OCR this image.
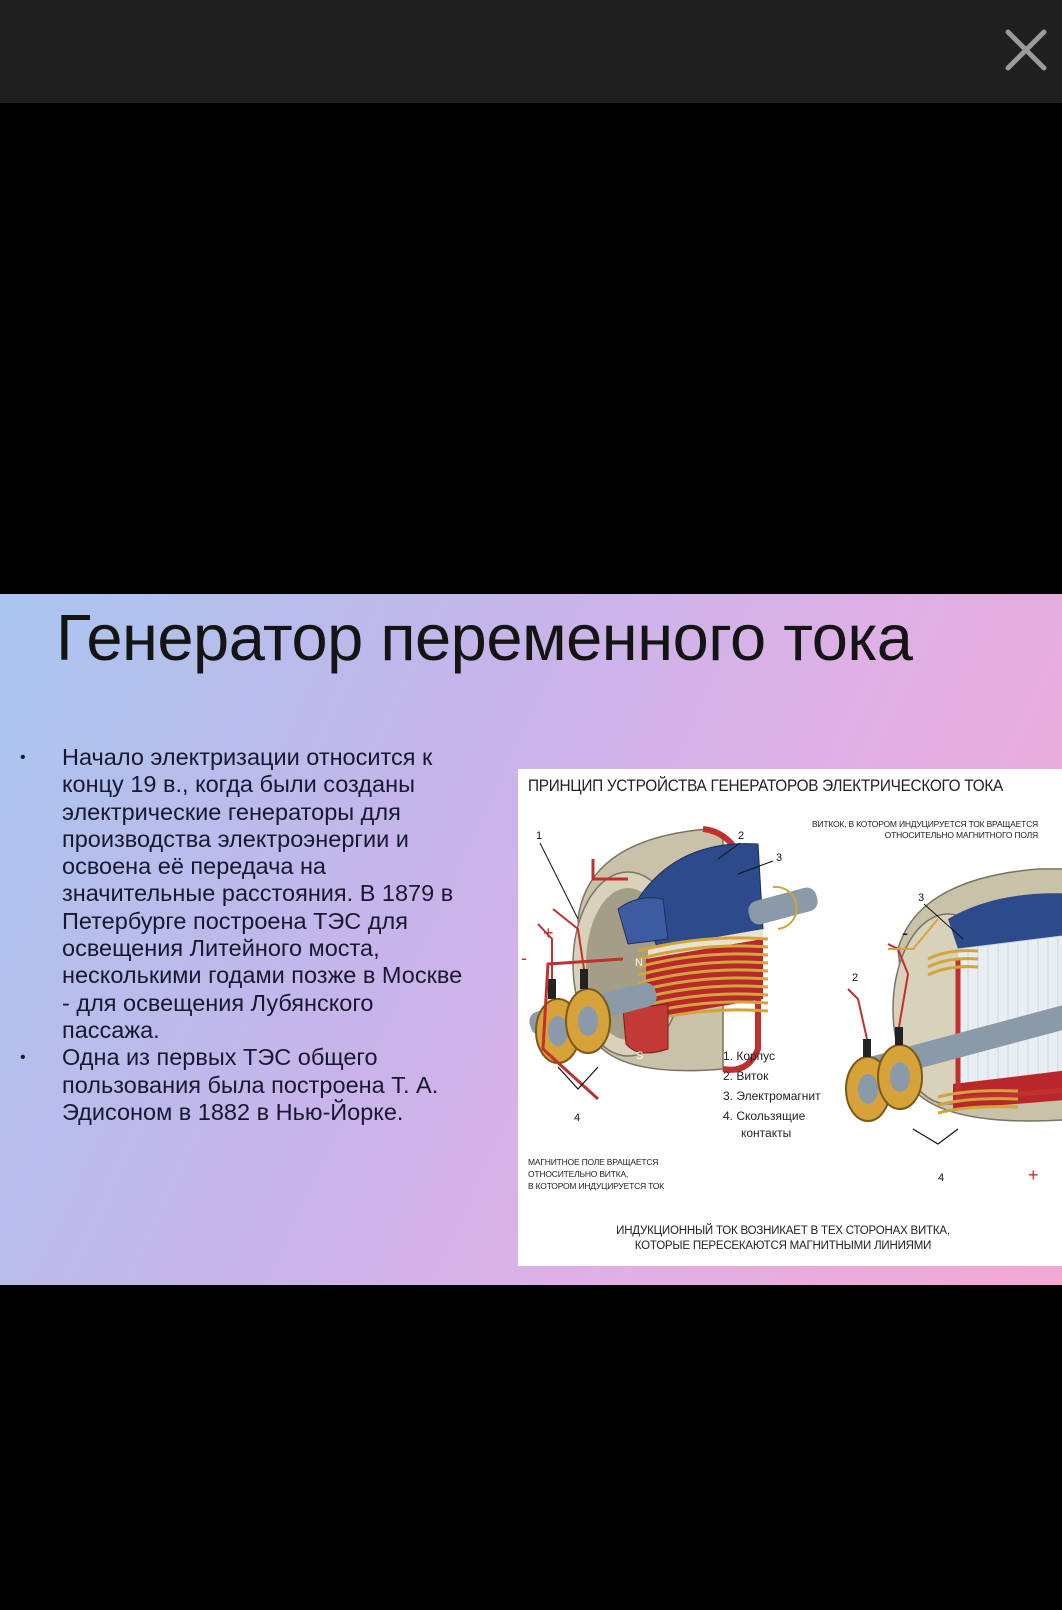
Генератор переменного тока
• Начало электризации относится к концу 19 в., когда были созданы электрические генераторы для производства электроэнергии и освоена её передача на значительные расстояния. В 1879 в Петербурге построена ТЭС для освещения Литейного моста, несколькими годами позже в Москве - для освещения Лубянского пассажа.
• Одна из первых ТЭС общего пользования была построена Т. А. Эдисоном в 1882 в Нью-Йорке.
ПРИНЦИП УСТРОЙСТВА ГЕНЕРАТОРОВ ЭЛЕКТРИЧЕСКОГО ТОКА
1	2
3
4
N
S
+
-
2
3
4
-
+
ВИТКОК, В КОТОРОМ ИНДУЦИРУЕТСЯ ТОК ВРАЩАЕТСЯ ОТНОСИТЕЛЬНО МАГНИТНОГО ПОЛЯ
1. Корпус
2. Виток
3. Электромагнит
4. Скользящие
контакты
МАГНИТНОЕ ПОЛЕ ВРАЩАЕТСЯ
ОТНОСИТЕЛЬНО ВИТКА,
В КОТОРОМ ИНДУЦИРУЕТСЯ ТОК
ИНДУКЦИОННЫЙ ТОК ВОЗНИКАЕТ В ТЕХ СТОРОНАХ ВИТКА,
КОТОРЫЕ ПЕРЕСЕКАЮТСЯ МАГНИТНЫМИ ЛИНИЯМИ
